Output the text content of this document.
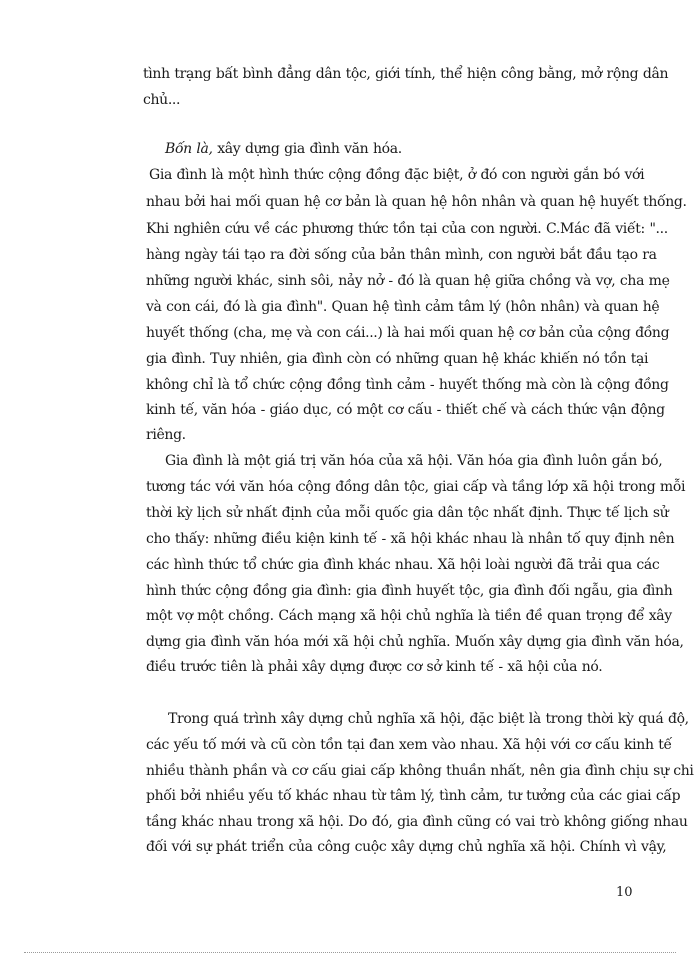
tình trạng bất bình đẳng dân tộc, giới tính, thể hiện công bằng, mở rộng dân
chủ...
Bốn là, xây dựng gia đình văn hóa.
Gia đình là một hình thức cộng đồng đặc biệt, ở đó con người gắn bó với
nhau bởi hai mối quan hệ cơ bản là quan hệ hôn nhân và quan hệ huyết thống.
Khi nghiên cứu về các phương thức tồn tại của con người. C.Mác đã viết: "...
hàng ngày tái tạo ra đời sống của bản thân mình, con người bắt đầu tạo ra
những người khác, sinh sôi, nảy nở - đó là quan hệ giữa chồng và vợ, cha mẹ
và con cái, đó là gia đình". Quan hệ tình cảm tâm lý (hôn nhân) và quan hệ
huyết thống (cha, mẹ và con cái...) là hai mối quan hệ cơ bản của cộng đồng
gia đình. Tuy nhiên, gia đình còn có những quan hệ khác khiến nó tồn tại
không chỉ là tổ chức cộng đồng tình cảm - huyết thống mà còn là cộng đồng
kinh tế, văn hóa - giáo dục, có một cơ cấu - thiết chế và cách thức vận động
riêng.
Gia đình là một giá trị văn hóa của xã hội. Văn hóa gia đình luôn gắn bó,
tương tác với văn hóa cộng đồng dân tộc, giai cấp và tầng lớp xã hội trong mỗi
thời kỳ lịch sử nhất định của mỗi quốc gia dân tộc nhất định. Thực tế lịch sử
cho thấy: những điều kiện kinh tế - xã hội khác nhau là nhân tố quy định nên
các hình thức tổ chức gia đình khác nhau. Xã hội loài người đã trải qua các
hình thức cộng đồng gia đình: gia đình huyết tộc, gia đình đối ngẫu, gia đình
một vợ một chồng. Cách mạng xã hội chủ nghĩa là tiền đề quan trọng để xây
dựng gia đình văn hóa mới xã hội chủ nghĩa. Muốn xây dựng gia đình văn hóa,
điều trước tiên là phải xây dựng được cơ sở kinh tế - xã hội của nó.
Trong quá trình xây dựng chủ nghĩa xã hội, đặc biệt là trong thời kỳ quá độ,
các yếu tố mới và cũ còn tồn tại đan xem vào nhau. Xã hội với cơ cấu kinh tế
nhiều thành phần và cơ cấu giai cấp không thuần nhất, nên gia đình chịu sự chi
phối bởi nhiều yếu tố khác nhau từ tâm lý, tình cảm, tư tưởng của các giai cấp
tầng khác nhau trong xã hội. Do đó, gia đình cũng có vai trò không giống nhau
đối với sự phát triển của công cuộc xây dựng chủ nghĩa xã hội. Chính vì vậy,
10
